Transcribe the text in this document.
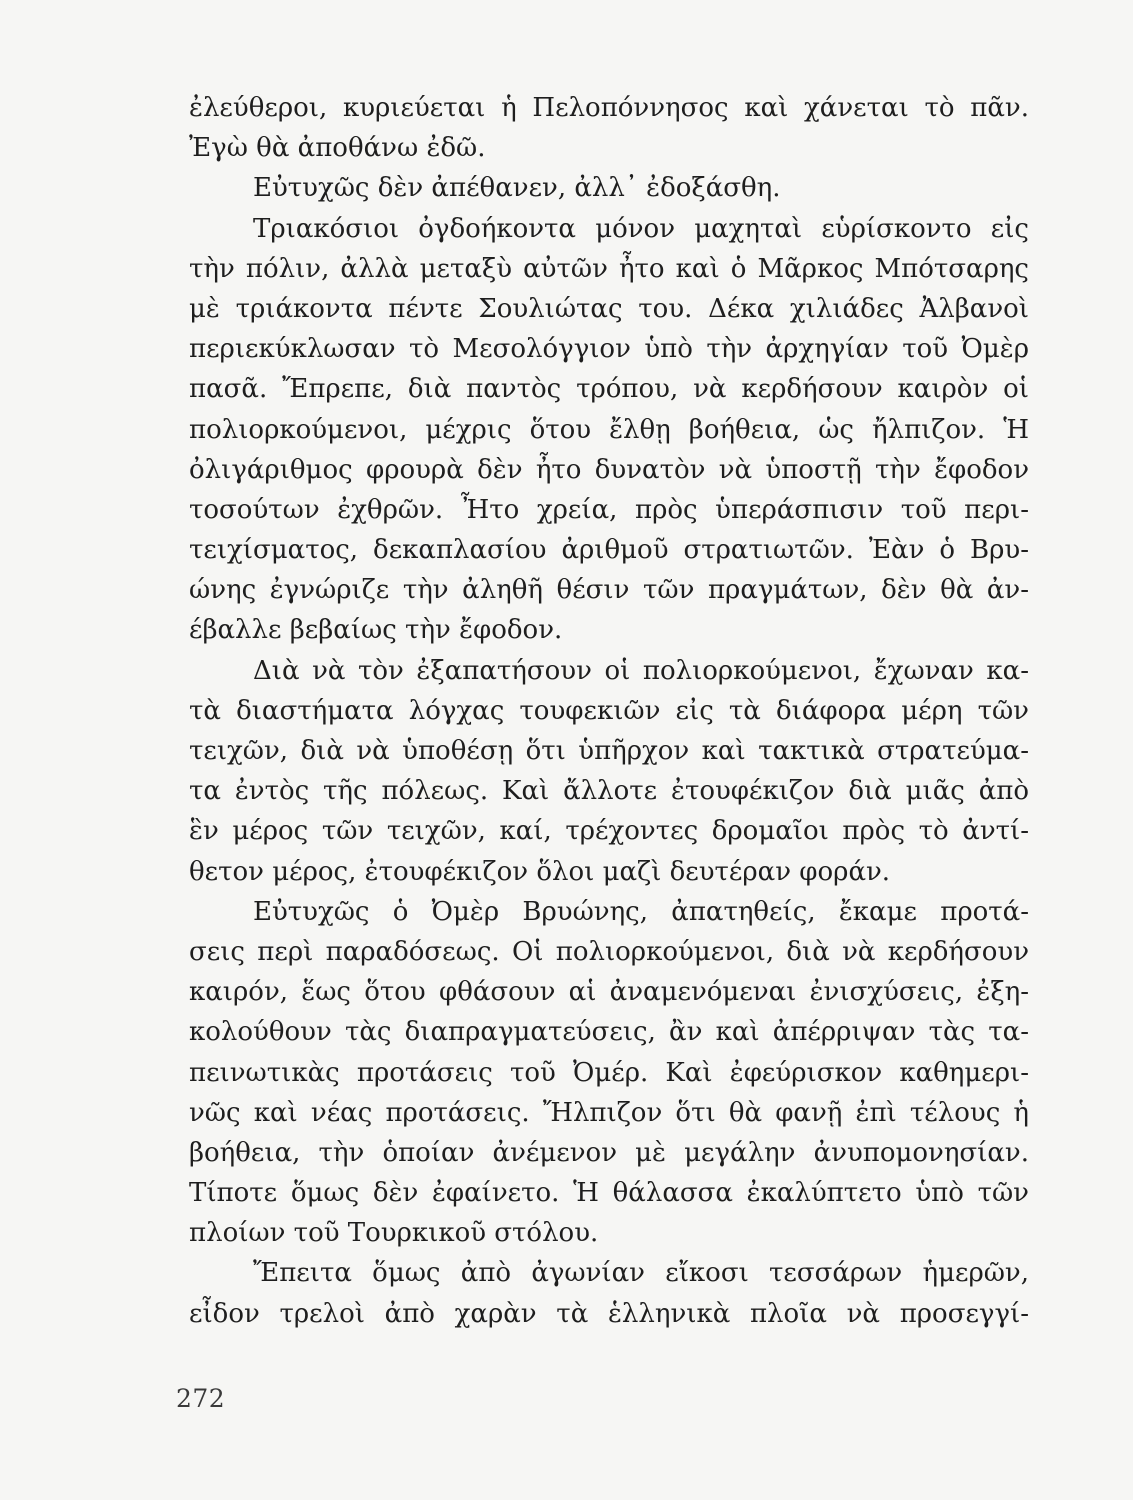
ἐλεύθεροι, κυριεύεται ἡ Πελοπόννησος καὶ χάνεται τὸ πᾶν.
Ἐγὼ θὰ ἀποθάνω ἐδῶ.
Εὐτυχῶς δὲν ἀπέθανεν, ἀλλ᾽ ἐδοξάσθη.
Τριακόσιοι ὀγδοήκοντα μόνον μαχηταὶ εὑρίσκοντο εἰς
τὴν πόλιν, ἀλλὰ μεταξὺ αὐτῶν ἦτο καὶ ὁ Μᾶρκος Μπότσαρης
μὲ τριάκοντα πέντε Σουλιώτας του. Δέκα χιλιάδες Ἀλβανοὶ
περιεκύκλωσαν τὸ Μεσολόγγιον ὑπὸ τὴν ἀρχηγίαν τοῦ Ὀμὲρ
πασᾶ. Ἔπρεπε, διὰ παντὸς τρόπου, νὰ κερδήσουν καιρὸν οἱ
πολιορκούμενοι, μέχρις ὅτου ἔλθῃ βοήθεια, ὡς ἤλπιζον. Ἡ
ὀλιγάριθμος φρουρὰ δὲν ἦτο δυνατὸν νὰ ὑποστῇ τὴν ἔφοδον
τοσούτων ἐχθρῶν. Ἦτο χρεία, πρὸς ὑπεράσπισιν τοῦ περι-
τειχίσματος, δεκαπλασίου ἀριθμοῦ στρατιωτῶν. Ἐὰν ὁ Βρυ-
ώνης ἐγνώριζε τὴν ἀληθῆ θέσιν τῶν πραγμάτων, δὲν θὰ ἀν-
έβαλλε βεβαίως τὴν ἔφοδον.
Διὰ νὰ τὸν ἐξαπατήσουν οἱ πολιορκούμενοι, ἔχωναν κα-
τὰ διαστήματα λόγχας τουφεκιῶν εἰς τὰ διάφορα μέρη τῶν
τειχῶν, διὰ νὰ ὑποθέσῃ ὅτι ὑπῆρχον καὶ τακτικὰ στρατεύμα-
τα ἐντὸς τῆς πόλεως. Καὶ ἄλλοτε ἐτουφέκιζον διὰ μιᾶς ἀπὸ
ἓν μέρος τῶν τειχῶν, καί, τρέχοντες δρομαῖοι πρὸς τὸ ἀντί-
θετον μέρος, ἐτουφέκιζον ὅλοι μαζὶ δευτέραν φοράν.
Εὐτυχῶς ὁ Ὀμὲρ Βρυώνης, ἀπατηθείς, ἔκαμε προτά-
σεις περὶ παραδόσεως. Οἱ πολιορκούμενοι, διὰ νὰ κερδήσουν
καιρόν, ἕως ὅτου φθάσουν αἱ ἀναμενόμεναι ἐνισχύσεις, ἐξη-
κολούθουν τὰς διαπραγματεύσεις, ἂν καὶ ἀπέρριψαν τὰς τα-
πεινωτικὰς προτάσεις τοῦ Ὀμέρ. Καὶ ἐφεύρισκον καθημερι-
νῶς καὶ νέας προτάσεις. Ἤλπιζον ὅτι θὰ φανῇ ἐπὶ τέλους ἡ
βοήθεια, τὴν ὁποίαν ἀνέμενον μὲ μεγάλην ἀνυπομονησίαν.
Τίποτε ὅμως δὲν ἐφαίνετο. Ἡ θάλασσα ἐκαλύπτετο ὑπὸ τῶν
πλοίων τοῦ Τουρκικοῦ στόλου.
Ἔπειτα ὅμως ἀπὸ ἀγωνίαν εἴκοσι τεσσάρων ἡμερῶν,
εἶδον τρελοὶ ἀπὸ χαρὰν τὰ ἑλληνικὰ πλοῖα νὰ προσεγγί-
272
